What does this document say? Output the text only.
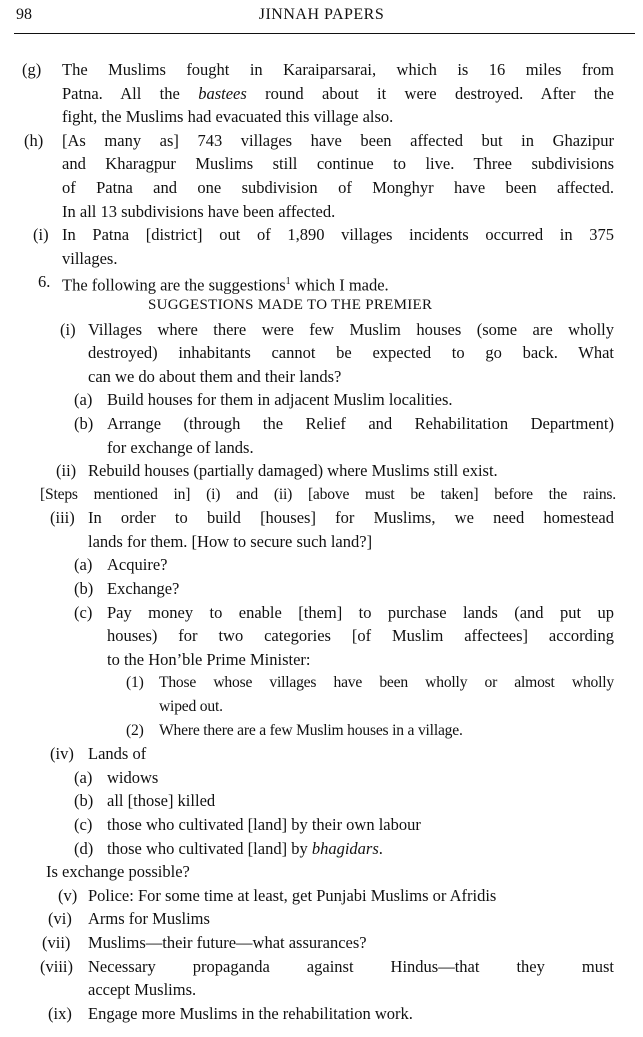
98	JINNAH PAPERS
(g) The Muslims fought in Karaiparsarai, which is 16 miles from
Patna. All the bastees round about it were destroyed. After the
fight, the Muslims had evacuated this village also.
(h) [As many as] 743 villages have been affected but in Ghazipur
and Kharagpur Muslims still continue to live. Three subdivisions
of Patna and one subdivision of Monghyr have been affected.
In all 13 subdivisions have been affected.
(i) In Patna [district] out of 1,890 villages incidents occurred in 375
villages.
6. The following are the suggestions$^1$ which I made.
SUGGESTIONS MADE TO THE PREMIER
(i) Villages where there were few Muslim houses (some are wholly
destroyed) inhabitants cannot be expected to go back. What
can we do about them and their lands?
(a) Build houses for them in adjacent Muslim localities.
(b) Arrange (through the Relief and Rehabilitation Department)
for exchange of lands.
(ii) Rebuild houses (partially damaged) where Muslims still exist.
[Steps mentioned in] (i) and (ii) [above must be taken] before the rains.
(iii) In order to build [houses] for Muslims, we need homestead
lands for them. [How to secure such land?]
(a) Acquire?
(b) Exchange?
(c) Pay money to enable [them] to purchase lands (and put up
houses) for two categories [of Muslim affectees] according
to the Hon’ble Prime Minister:
(1) Those whose villages have been wholly or almost wholly
wiped out.
(2) Where there are a few Muslim houses in a village.
(iv) Lands of
(a) widows
(b) all [those] killed
(c) those who cultivated [land] by their own labour
(d) those who cultivated [land] by bhagidars.
Is exchange possible?
(v) Police: For some time at least, get Punjabi Muslims or Afridis
(vi) Arms for Muslims
(vii) Muslims—their future—what assurances?
(viii) Necessary propaganda against Hindus—that they must
accept Muslims.
(ix) Engage more Muslims in the rehabilitation work.
